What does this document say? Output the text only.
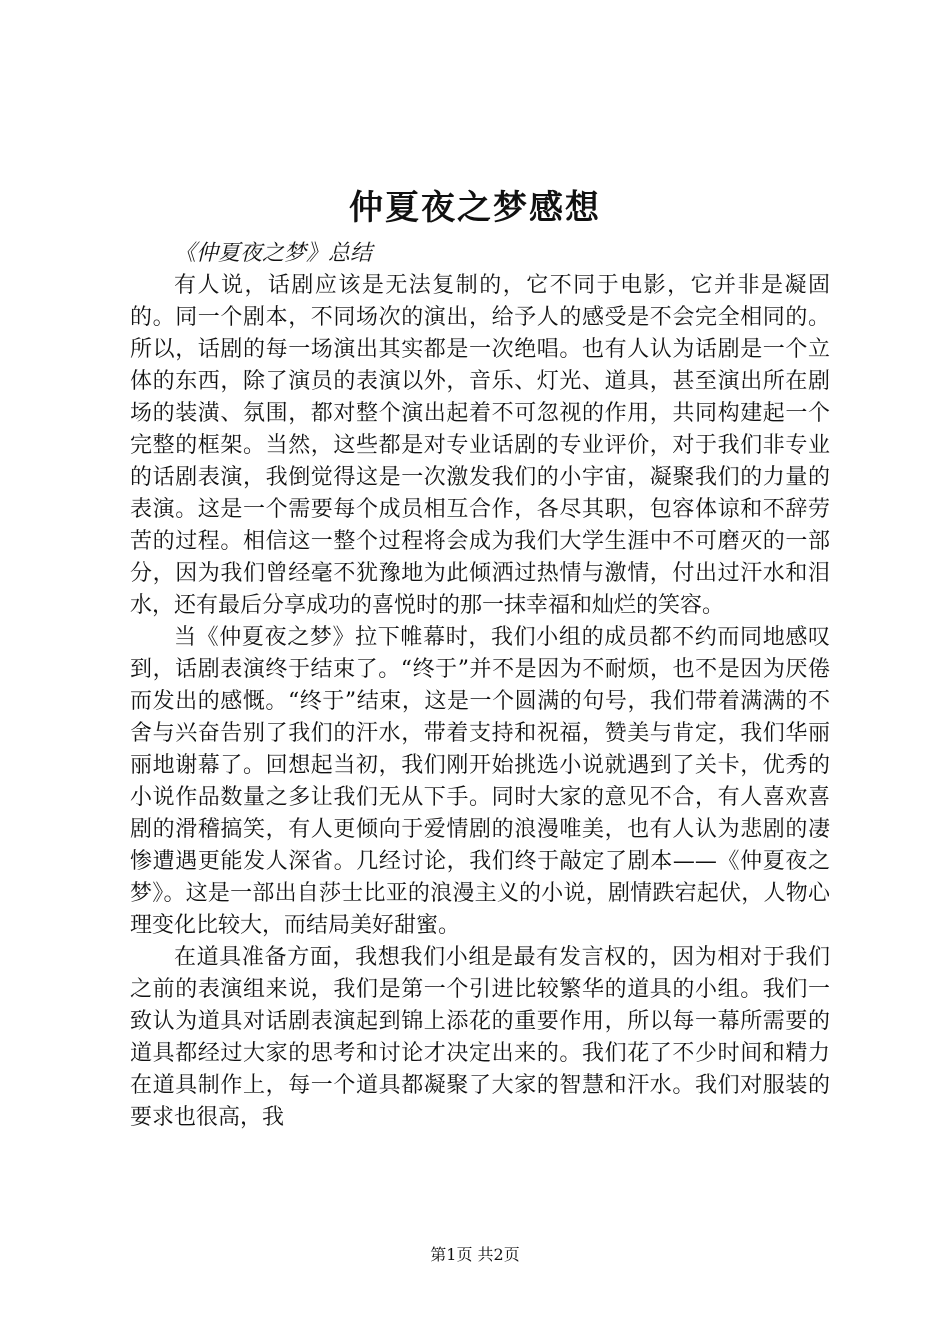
仲夏夜之梦感想

《仲夏夜之梦》总结

有人说，话剧应该是无法复制的，它不同于电影，它并非是凝固的。同一个剧本，不同场次的演出，给予人的感受是不会完全相同的。所以，话剧的每一场演出其实都是一次绝唱。也有人认为话剧是一个立体的东西，除了演员的表演以外，音乐、灯光、道具，甚至演出所在剧场的装潢、氛围，都对整个演出起着不可忽视的作用，共同构建起一个完整的框架。当然，这些都是对专业话剧的专业评价，对于我们非专业的话剧表演，我倒觉得这是一次激发我们的小宇宙，凝聚我们的力量的表演。这是一个需要每个成员相互合作，各尽其职，包容体谅和不辞劳苦的过程。相信这一整个过程将会成为我们大学生涯中不可磨灭的一部分，因为我们曾经毫不犹豫地为此倾洒过热情与激情，付出过汗水和泪水，还有最后分享成功的喜悦时的那一抹幸福和灿烂的笑容。

当《仲夏夜之梦》拉下帷幕时，我们小组的成员都不约而同地感叹到，话剧表演终于结束了。“终于”并不是因为不耐烦，也不是因为厌倦而发出的感慨。“终于”结束，这是一个圆满的句号，我们带着满满的不舍与兴奋告别了我们的汗水，带着支持和祝福，赞美与肯定，我们华丽丽地谢幕了。回想起当初，我们刚开始挑选小说就遇到了关卡，优秀的小说作品数量之多让我们无从下手。同时大家的意见不合，有人喜欢喜剧的滑稽搞笑，有人更倾向于爱情剧的浪漫唯美，也有人认为悲剧的凄惨遭遇更能发人深省。几经讨论，我们终于敲定了剧本——《仲夏夜之梦》。这是一部出自莎士比亚的浪漫主义的小说，剧情跌宕起伏，人物心理变化比较大，而结局美好甜蜜。

在道具准备方面，我想我们小组是最有发言权的，因为相对于我们之前的表演组来说，我们是第一个引进比较繁华的道具的小组。我们一致认为道具对话剧表演起到锦上添花的重要作用，所以每一幕所需要的道具都经过大家的思考和讨论才决定出来的。我们花了不少时间和精力在道具制作上，每一个道具都凝聚了大家的智慧和汗水。我们对服装的要求也很高，我

第1页 共2页
